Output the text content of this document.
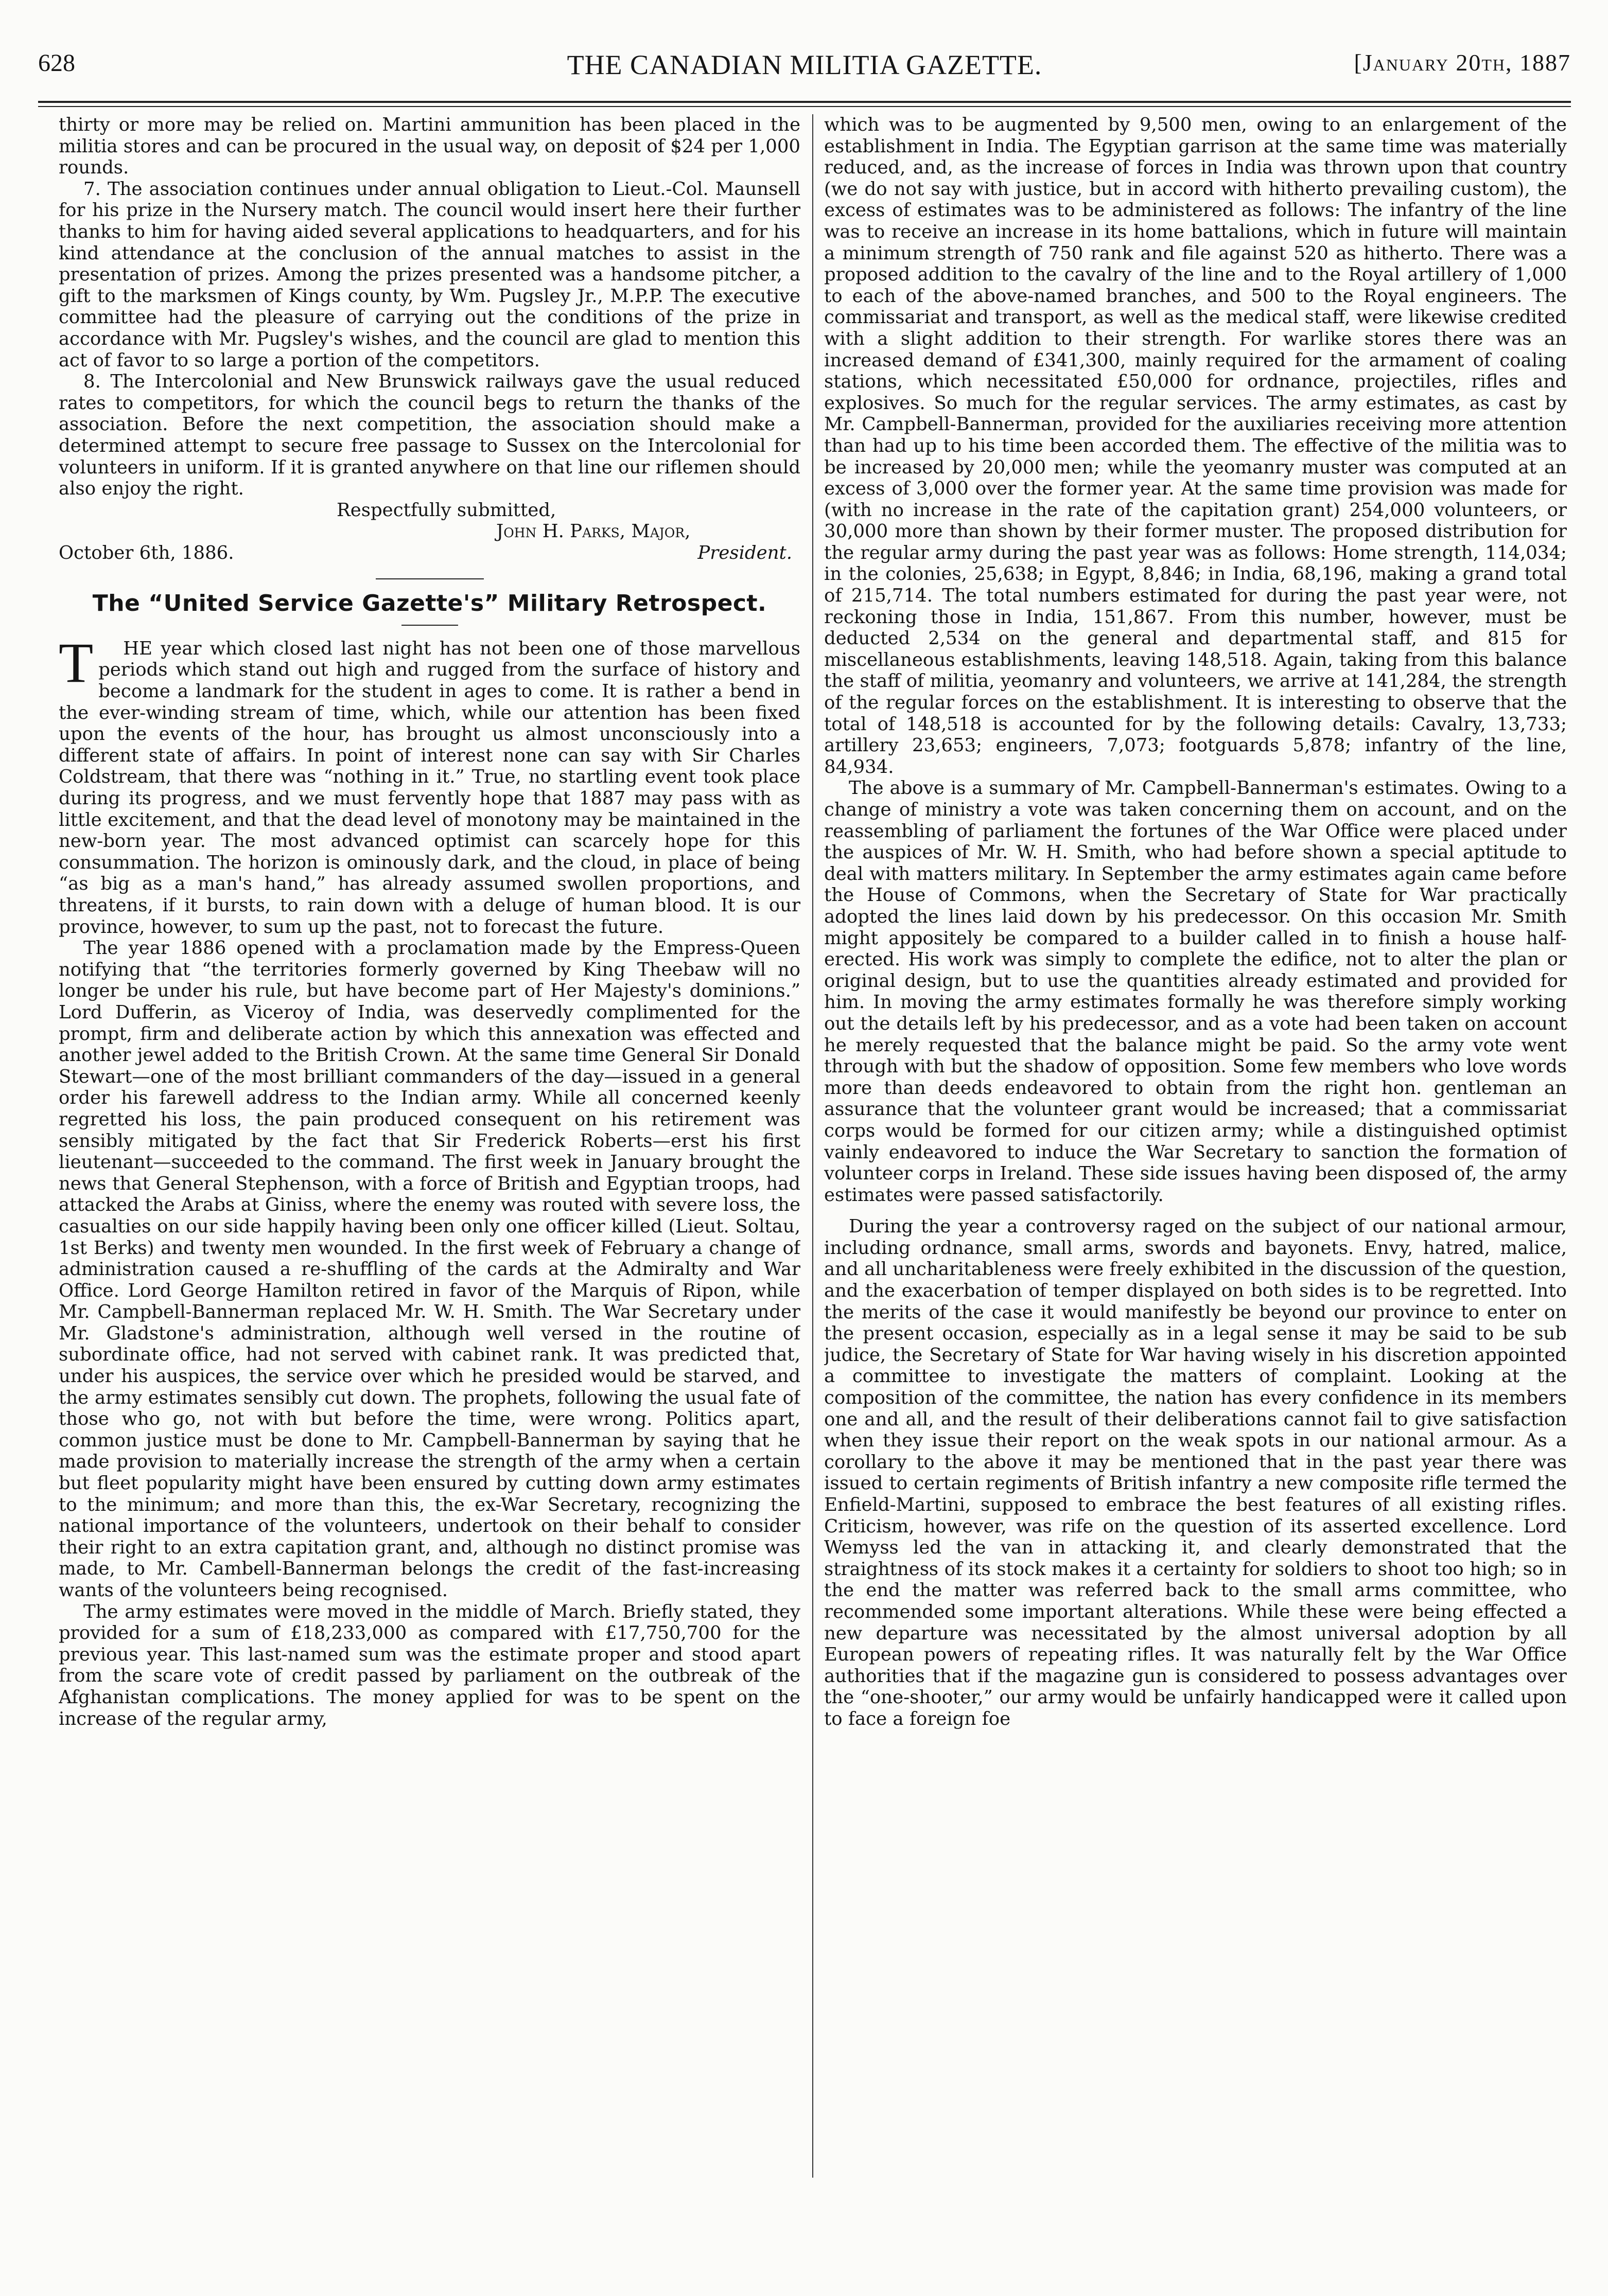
628	THE CANADIAN MILITIA GAZETTE.	[January 20th, 1887

thirty or more may be relied on. Martini ammunition has been placed in the militia stores and can be procured in the usual way, on deposit of $24 per 1,000 rounds.

7. The association continues under annual obligation to Lieut.-Col. Maunsell for his prize in the Nursery match. The council would insert here their further thanks to him for having aided several applications to headquarters, and for his kind attendance at the conclusion of the annual matches to assist in the presentation of prizes. Among the prizes presented was a handsome pitcher, a gift to the marksmen of Kings county, by Wm. Pugsley Jr., M.P.P. The executive committee had the pleasure of carrying out the conditions of the prize in accordance with Mr. Pugsley's wishes, and the council are glad to mention this act of favor to so large a portion of the competitors.

8. The Intercolonial and New Brunswick railways gave the usual reduced rates to competitors, for which the council begs to return the thanks of the association. Before the next competition, the association should make a determined attempt to secure free passage to Sussex on the Intercolonial for volunteers in uniform. If it is granted anywhere on that line our riflemen should also enjoy the right.

Respectfully submitted,
John H. Parks, Major,
October 6th, 1886.	President.
The “United Service Gazette's” Military Retrospect.

T HE year which closed last night has not been one of those marvellous periods which stand out high and rugged from the surface of history and become a landmark for the student in ages to come. It is rather a bend in the ever-winding stream of time, which, while our attention has been fixed upon the events of the hour, has brought us almost unconsciously into a different state of affairs. In point of interest none can say with Sir Charles Coldstream, that there was “nothing in it.” True, no startling event took place during its progress, and we must fervently hope that 1887 may pass with as little excitement, and that the dead level of monotony may be maintained in the new-born year. The most advanced optimist can scarcely hope for this consummation. The horizon is ominously dark, and the cloud, in place of being “as big as a man's hand,” has already assumed swollen proportions, and threatens, if it bursts, to rain down with a deluge of human blood. It is our province, however, to sum up the past, not to forecast the future.

The year 1886 opened with a proclamation made by the Empress-Queen notifying that “the territories formerly governed by King Theebaw will no longer be under his rule, but have become part of Her Majesty's dominions.” Lord Dufferin, as Viceroy of India, was deservedly complimented for the prompt, firm and deliberate action by which this annexation was effected and another jewel added to the British Crown. At the same time General Sir Donald Stewart—one of the most brilliant commanders of the day—issued in a general order his farewell address to the Indian army. While all concerned keenly regretted his loss, the pain produced consequent on his retirement was sensibly mitigated by the fact that Sir Frederick Roberts—erst his first lieutenant—succeeded to the command. The first week in January brought the news that General Stephenson, with a force of British and Egyptian troops, had attacked the Arabs at Giniss, where the enemy was routed with severe loss, the casualties on our side happily having been only one officer killed (Lieut. Soltau, 1st Berks) and twenty men wounded. In the first week of February a change of administration caused a re-shuffling of the cards at the Admiralty and War Office. Lord George Hamilton retired in favor of the Marquis of Ripon, while Mr. Campbell-Bannerman replaced Mr. W. H. Smith. The War Secretary under Mr. Gladstone's administration, although well versed in the routine of subordinate office, had not served with cabinet rank. It was predicted that, under his auspices, the service over which he presided would be starved, and the army estimates sensibly cut down. The prophets, following the usual fate of those who go, not with but before the time, were wrong. Politics apart, common justice must be done to Mr. Campbell-Bannerman by saying that he made provision to materially increase the strength of the army when a certain but fleet popularity might have been ensured by cutting down army estimates to the minimum; and more than this, the ex-War Secretary, recognizing the national importance of the volunteers, undertook on their behalf to consider their right to an extra capitation grant, and, although no distinct promise was made, to Mr. Cambell-Bannerman belongs the credit of the fast-increasing wants of the volunteers being recognised.

The army estimates were moved in the middle of March. Briefly stated, they provided for a sum of £18,233,000 as compared with £17,750,700 for the previous year. This last-named sum was the estimate proper and stood apart from the scare vote of credit passed by parliament on the outbreak of the Afghanistan complications. The money applied for was to be spent on the increase of the regular army,

which was to be augmented by 9,500 men, owing to an enlargement of the establishment in India. The Egyptian garrison at the same time was materially reduced, and, as the increase of forces in India was thrown upon that country (we do not say with justice, but in accord with hitherto prevailing custom), the excess of estimates was to be administered as follows: The infantry of the line was to receive an increase in its home battalions, which in future will maintain a minimum strength of 750 rank and file against 520 as hitherto. There was a proposed addition to the cavalry of the line and to the Royal artillery of 1,000 to each of the above-named branches, and 500 to the Royal engineers. The commissariat and transport, as well as the medical staff, were likewise credited with a slight addition to their strength. For warlike stores there was an increased demand of £341,300, mainly required for the armament of coaling stations, which necessitated £50,000 for ordnance, projectiles, rifles and explosives. So much for the regular services. The army estimates, as cast by Mr. Campbell-Bannerman, provided for the auxiliaries receiving more attention than had up to his time been accorded them. The effective of the militia was to be increased by 20,000 men; while the yeomanry muster was computed at an excess of 3,000 over the former year. At the same time provision was made for (with no increase in the rate of the capitation grant) 254,000 volunteers, or 30,000 more than shown by their former muster. The proposed distribution for the regular army during the past year was as follows: Home strength, 114,034; in the colonies, 25,638; in Egypt, 8,846; in India, 68,196, making a grand total of 215,714. The total numbers estimated for during the past year were, not reckoning those in India, 151,867. From this number, however, must be deducted 2,534 on the general and departmental staff, and 815 for miscellaneous establishments, leaving 148,518. Again, taking from this balance the staff of militia, yeomanry and volunteers, we arrive at 141,284, the strength of the regular forces on the establishment. It is interesting to observe that the total of 148,518 is accounted for by the following details: Cavalry, 13,733; artillery 23,653; engineers, 7,073; footguards 5,878; infantry of the line, 84,934.

The above is a summary of Mr. Campbell-Bannerman's estimates. Owing to a change of ministry a vote was taken concerning them on account, and on the reassembling of parliament the fortunes of the War Office were placed under the auspices of Mr. W. H. Smith, who had before shown a special aptitude to deal with matters military. In September the army estimates again came before the House of Commons, when the Secretary of State for War practically adopted the lines laid down by his predecessor. On this occasion Mr. Smith might appositely be compared to a builder called in to finish a house half-erected. His work was simply to complete the edifice, not to alter the plan or original design, but to use the quantities already estimated and provided for him. In moving the army estimates formally he was therefore simply working out the details left by his predecessor, and as a vote had been taken on account he merely requested that the balance might be paid. So the army vote went through with but the shadow of opposition. Some few members who love words more than deeds endeavored to obtain from the right hon. gentleman an assurance that the volunteer grant would be increased; that a commissariat corps would be formed for our citizen army; while a distinguished optimist vainly endeavored to induce the War Secretary to sanction the formation of volunteer corps in Ireland. These side issues having been disposed of, the army estimates were passed satisfactorily.

During the year a controversy raged on the subject of our national armour, including ordnance, small arms, swords and bayonets. Envy, hatred, malice, and all uncharitableness were freely exhibited in the discussion of the question, and the exacerbation of temper displayed on both sides is to be regretted. Into the merits of the case it would manifestly be beyond our province to enter on the present occasion, especially as in a legal sense it may be said to be sub judice, the Secretary of State for War having wisely in his discretion appointed a committee to investigate the matters of complaint. Looking at the composition of the committee, the nation has every confidence in its members one and all, and the result of their deliberations cannot fail to give satisfaction when they issue their report on the weak spots in our national armour. As a corollary to the above it may be mentioned that in the past year there was issued to certain regiments of British infantry a new composite rifle termed the Enfield-Martini, supposed to embrace the best features of all existing rifles. Criticism, however, was rife on the question of its asserted excellence. Lord Wemyss led the van in attacking it, and clearly demonstrated that the straightness of its stock makes it a certainty for soldiers to shoot too high; so in the end the matter was referred back to the small arms committee, who recommended some important alterations. While these were being effected a new departure was necessitated by the almost universal adoption by all European powers of repeating rifles. It was naturally felt by the War Office authorities that if the magazine gun is considered to possess advantages over the “one-shooter,” our army would be unfairly handicapped were it called upon to face a foreign foe
